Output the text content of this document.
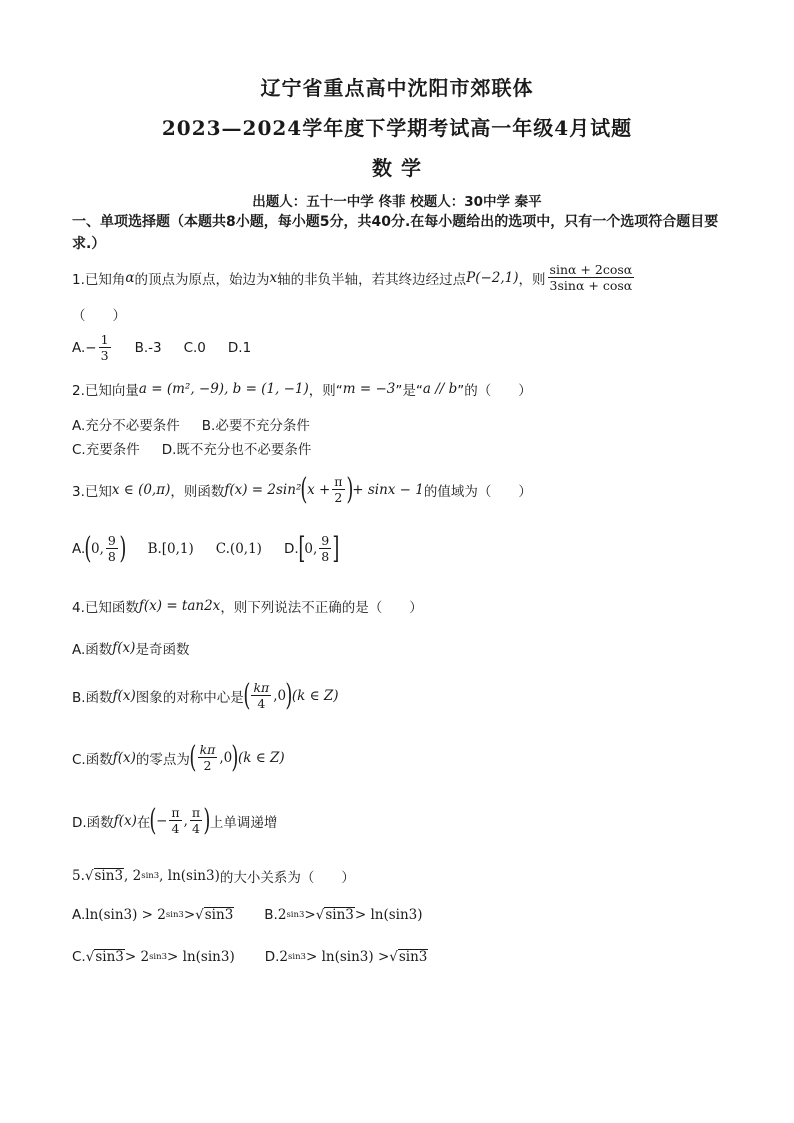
辽宁省重点高中沈阳市郊联体
2023—2024学年度下学期考试高一年级4月试题
数 学
出题人：五十一中学 佟菲 校题人：30中学 秦平
一、单项选择题（本题共8小题，每小题5分，共40分.在每小题给出的选项中，只有一个选项符合题目要求.）
1.已知角 α 的顶点为原点，始边为 x 轴的非负半轴，若其终边经过点 P(−2,1) ，则 $\frac{\sin\alpha + 2\cos\alpha}{3\sin\alpha + \cos\alpha}$
（　　）
$A.- \frac{1}{3} B.-3$ C.0 D.1
2.已知向量 a = (m², −9), b = (1, −1) ，则“ m = −3 ”是“ a // b ”的（　　）
A.充分不必要条件 B.必要不充分条件
C.充要条件 D.既不充分也不必要条件
3.已知 x ∈ (0,π) ，则函数 f(x) = 2sin² ( $x + \frac{\pi}{2}$ ) + sinx − 1 的值域为（　　）
A. ( 0, $\frac{9}{8}$ ) B.[0,1) C.(0,1) D. [ 0, $\frac{9}{8}$ ]
4.已知函数 f(x) = tan2x ，则下列说法不正确的是（　　）
A.函数 f(x) 是奇函数
B.函数 f(x) 图象的对称中心是 ( $\frac{k\pi}{4} ,0$ ) (k ∈ Z)
C.函数 f(x) 的零点为 ( $\frac{k\pi}{2} ,0$ ) (k ∈ Z)
D.函数 f(x) 在 ( − $\frac{\pi}{4}$ , $\frac{\pi}{4}$ ) 上单调递增
5. √ sin3 , 2 sin3 , ln(sin3) 的大小关系为（　　）
A. ln(sin3) > 2 sin3 > √ sin3 B. 2 sin3 > √ sin3 > ln(sin3)
C. √ sin3 > 2 sin3 > ln(sin3) D. 2 sin3 > ln(sin3) > √ sin3
